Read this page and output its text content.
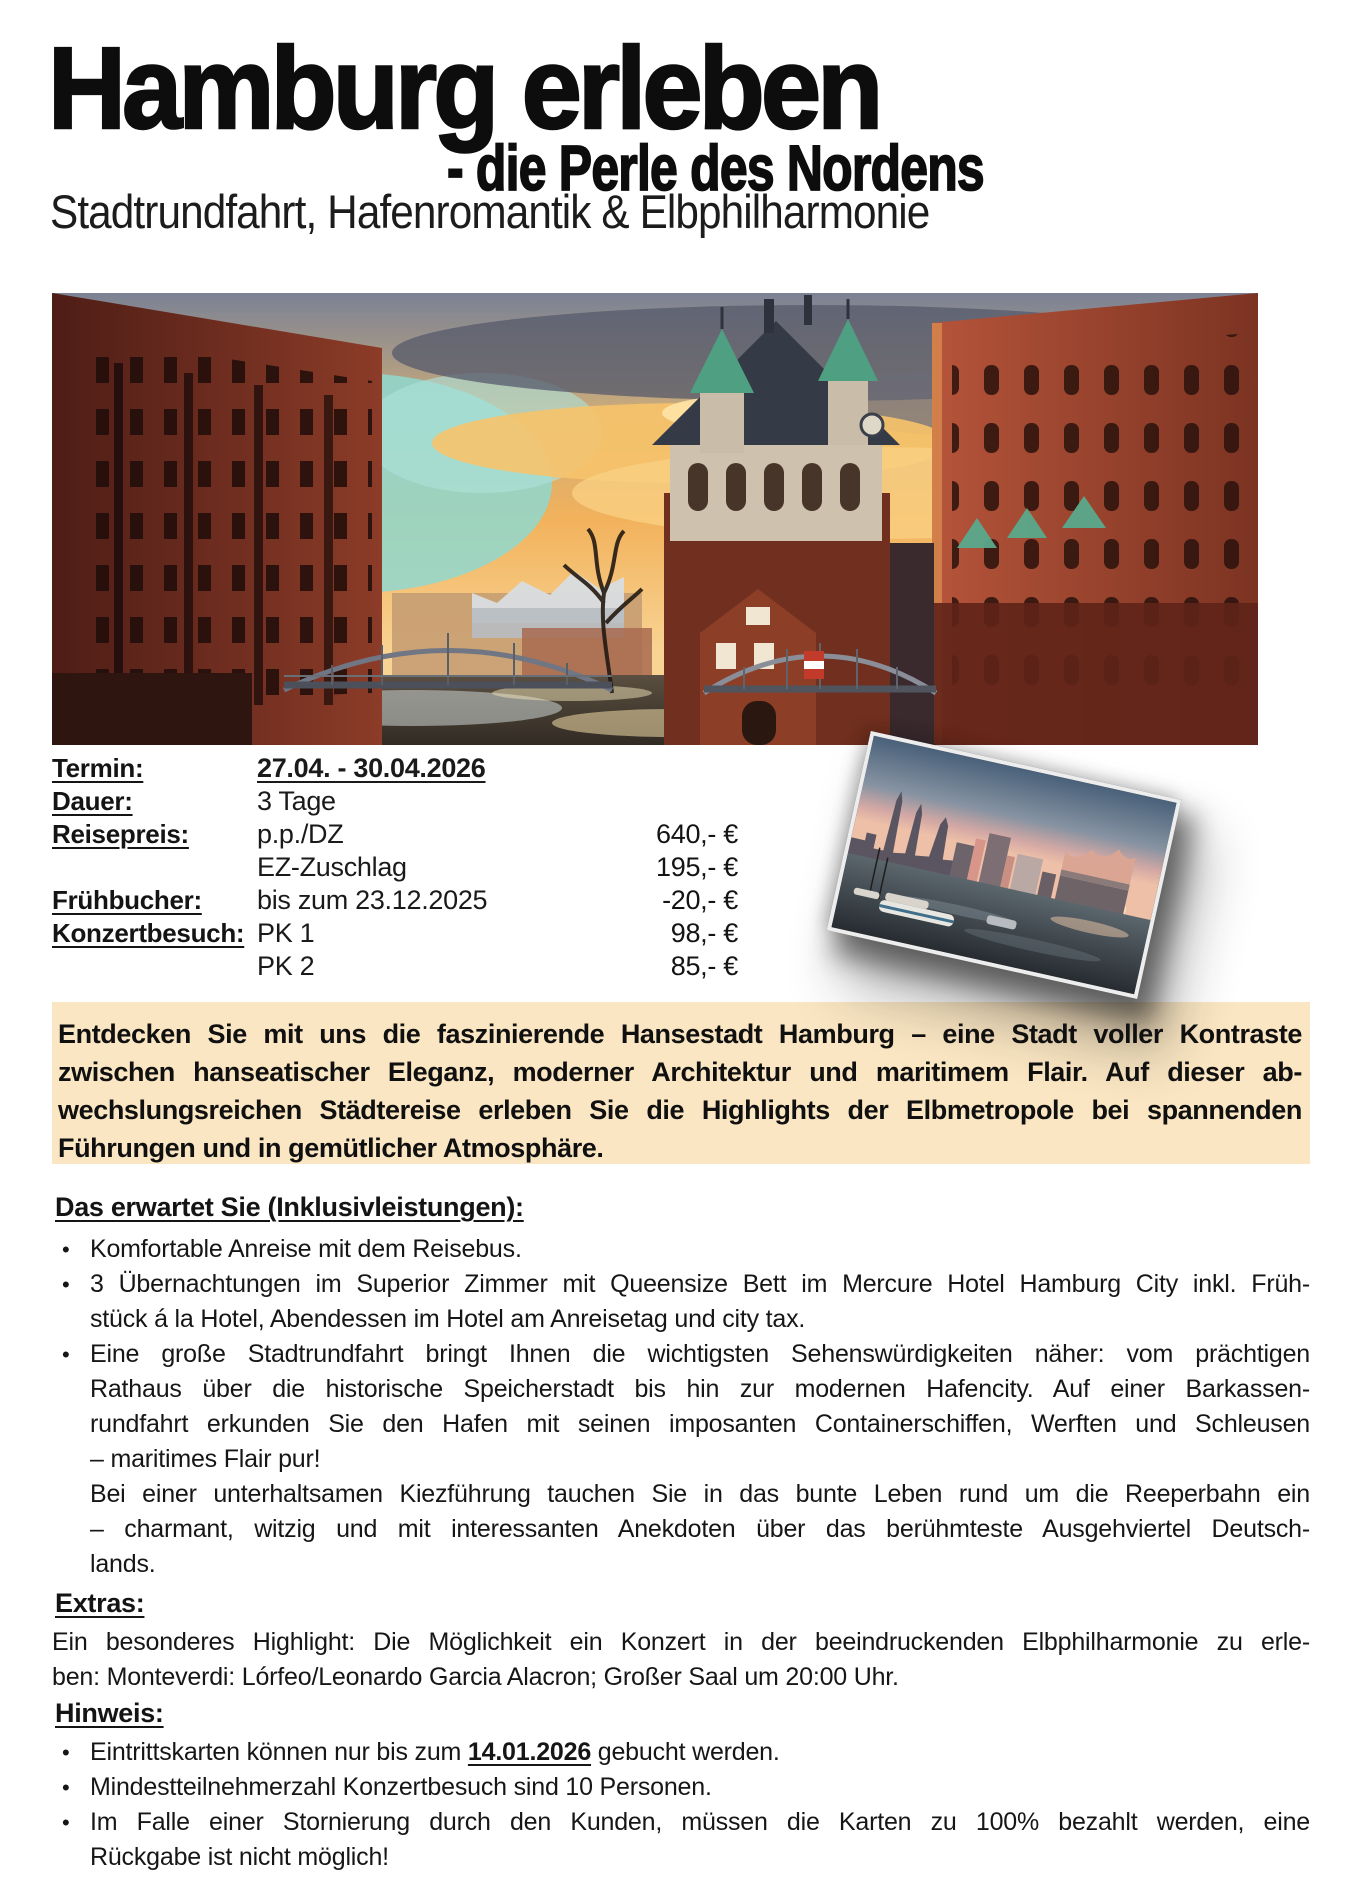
Hamburg erleben
- die Perle des Nordens
Stadtrundfahrt, Hafenromantik & Elbphilharmonie
Termin:	27.04. - 30.04.2026
Dauer:	3 Tage
Reisepreis:	p.p./DZ	640,- €
EZ-Zuschlag	195,- €
Frühbucher:	bis zum 23.12.2025	-20,- €
Konzertbesuch: PK 1	98,- €
PK 2	85,- €
Entdecken Sie mit uns die faszinierende Hansestadt Hamburg – eine Stadt voller Kontraste
zwischen hanseatischer Eleganz, moderner Architektur und maritimem Flair. Auf dieser ab-
wechslungsreichen Städtereise erleben Sie die Highlights der Elbmetropole bei spannenden
Führungen und in gemütlicher Atmosphäre.
Das erwartet Sie (Inklusivleistungen):
• Komfortable Anreise mit dem Reisebus.
• 3 Übernachtungen im Superior Zimmer mit Queensize Bett im Mercure Hotel Hamburg City inkl. Früh-
stück á la Hotel, Abendessen im Hotel am Anreisetag und city tax.
• Eine große Stadtrundfahrt bringt Ihnen die wichtigsten Sehenswürdigkeiten näher: vom prächtigen
Rathaus über die historische Speicherstadt bis hin zur modernen Hafencity. Auf einer Barkassen-
rundfahrt erkunden Sie den Hafen mit seinen imposanten Containerschiffen, Werften und Schleusen
– maritimes Flair pur!
Bei einer unterhaltsamen Kiezführung tauchen Sie in das bunte Leben rund um die Reeperbahn ein
– charmant, witzig und mit interessanten Anekdoten über das berühmteste Ausgehviertel Deutsch-
lands.
Extras:
Ein besonderes Highlight: Die Möglichkeit ein Konzert in der beeindruckenden Elbphilharmonie zu erle-
ben: Monteverdi: Lórfeo/Leonardo Garcia Alacron; Großer Saal um 20:00 Uhr.
Hinweis:
• Eintrittskarten können nur bis zum 14.01.2026 gebucht werden.
• Mindestteilnehmerzahl Konzertbesuch sind 10 Personen.
• Im Falle einer Stornierung durch den Kunden, müssen die Karten zu 100% bezahlt werden, eine
Rückgabe ist nicht möglich!
